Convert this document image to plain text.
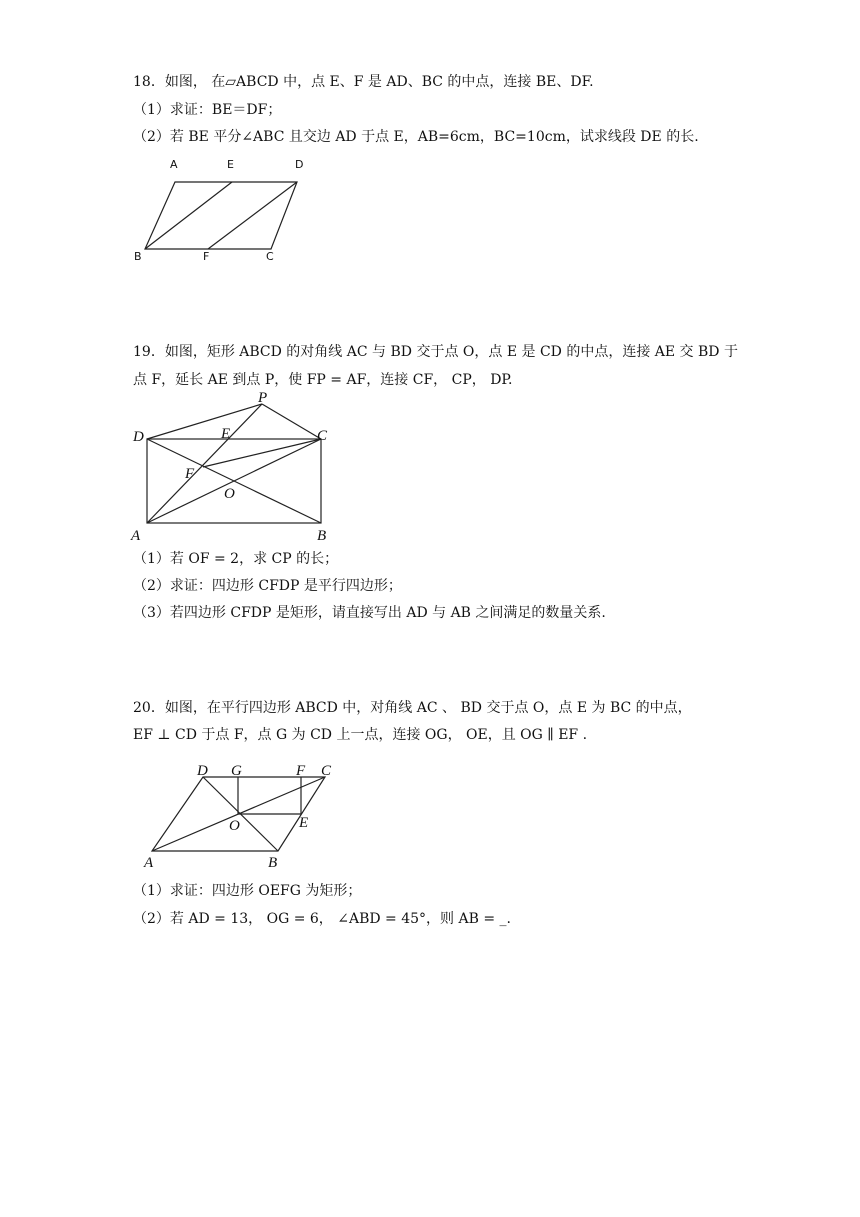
18．如图， 在▱ABCD 中，点 E、F 是 AD、BC 的中点，连接 BE、DF.
（1）求证：BE＝DF；
（2）若 BE 平分∠ABC 且交边 AD 于点 E，AB=6cm，BC=10cm，试求线段 DE 的长.
A	E	D
B	F	C
19．如图，矩形 ABCD 的对角线 AC 与 BD 交于点 O，点 E 是 CD 的中点，连接 AE 交 BD 于
点 F，延长 AE 到点 P，使 FP = AF，连接 CF， CP， DP.
P
D	E	C
F
O
A	B
（1）若 OF = 2，求 CP 的长；
（2）求证：四边形 CFDP 是平行四边形；
（3）若四边形 CFDP 是矩形，请直接写出 AD 与 AB 之间满足的数量关系.
20．如图，在平行四边形 ABCD 中，对角线 AC 、 BD 交于点 O，点 E 为 BC 的中点，
EF ⊥ CD 于点 F，点 G 为 CD 上一点，连接 OG， OE，且 OG ∥ EF .
D G	F C
O	E
A	B
（1）求证：四边形 OEFG 为矩形；
（2）若 AD = 13， OG = 6， ∠ABD = 45°，则 AB = _.
